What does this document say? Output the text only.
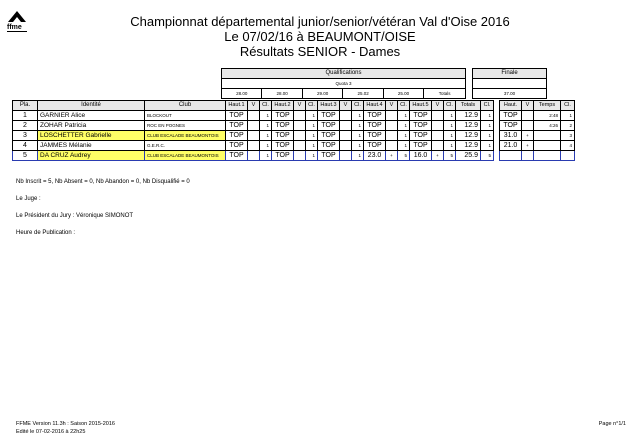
ffme	Championnat départemental junior/senior/vétéran Val d'Oise 2016
Le 07/02/16 à BEAUMONT/OISE
Résultats SENIOR - Dames
Qualifications
Quota 3
28.00	28.00	29.00	25.02	25.00	Totals
Finale

37.00
Pla.	Identité	Club	Haut.1	V	Cl.	Haut.2	V	Cl.	Haut.3	V	Cl.	Haut.4	V	Cl.	Haut.5	V	Cl.	Totals	Cl.		Haut.	V	Temps	Cl.
1	GARNIER Alice	BLOCKOUT	TOP		1	TOP		1	TOP		1	TOP		1	TOP		1	12.9	1		TOP		2:48	1
2	ZOHAR Patricia	ROC EN POGNES	TOP		1	TOP		1	TOP		1	TOP		1	TOP		1	12.9	1		TOP		4:26	2
3	LOSCHETTER Gabrielle	CLUB ESCALADE BEAUMONTOIS	TOP		1	TOP		1	TOP		1	TOP		1	TOP		1	12.9	1		31.0	+		3
4	JAMMES Mélanie	G.E.R.C.	TOP		1	TOP		1	TOP		1	TOP		1	TOP		1	12.9	1		21.0	+		4
5	DA CRUZ Audrey	CLUB ESCALADE BEAUMONTOIS	TOP		1	TOP		1	TOP		1	23.0	+	5	16.0	+	5	25.9	5					
Nb Inscrit = 5, Nb Absent = 0, Nb Abandon = 0, Nb Disqualifié = 0
Le Juge :
Le Président du Jury : Véronique SIMONOT
Heure de Publication :
FFME Version 11.3h : Saison 2015-2016
Edité le 07-02-2016 à 22h25
Page n°1/1
